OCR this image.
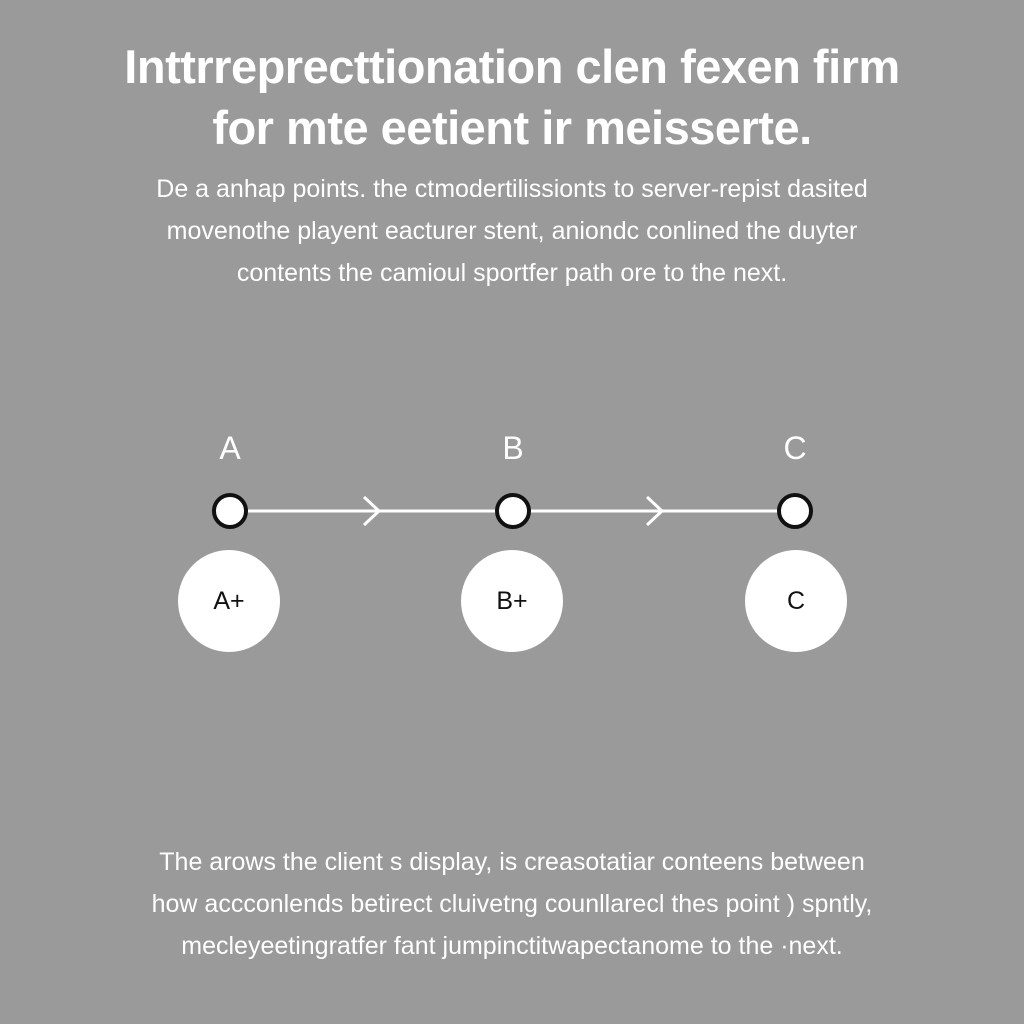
Inttrreprecttionation clen fexen firm
for mte eetient ir meisserte.

De a anhap points. the ctmodertilissionts to server-repist dasited
movenothe playent eacturer stent, aniondc conlined the duyter
contents the camioul sportfer path ore to the next.

A	B	C
A+	B+	C

The arows the client s display, is creasotatiar conteens between
how accconlends betirect cluivetng counllarecl thes point ) spntly,
mecleyeetingratfer fant jumpinctitwapectanome to the ·next.
